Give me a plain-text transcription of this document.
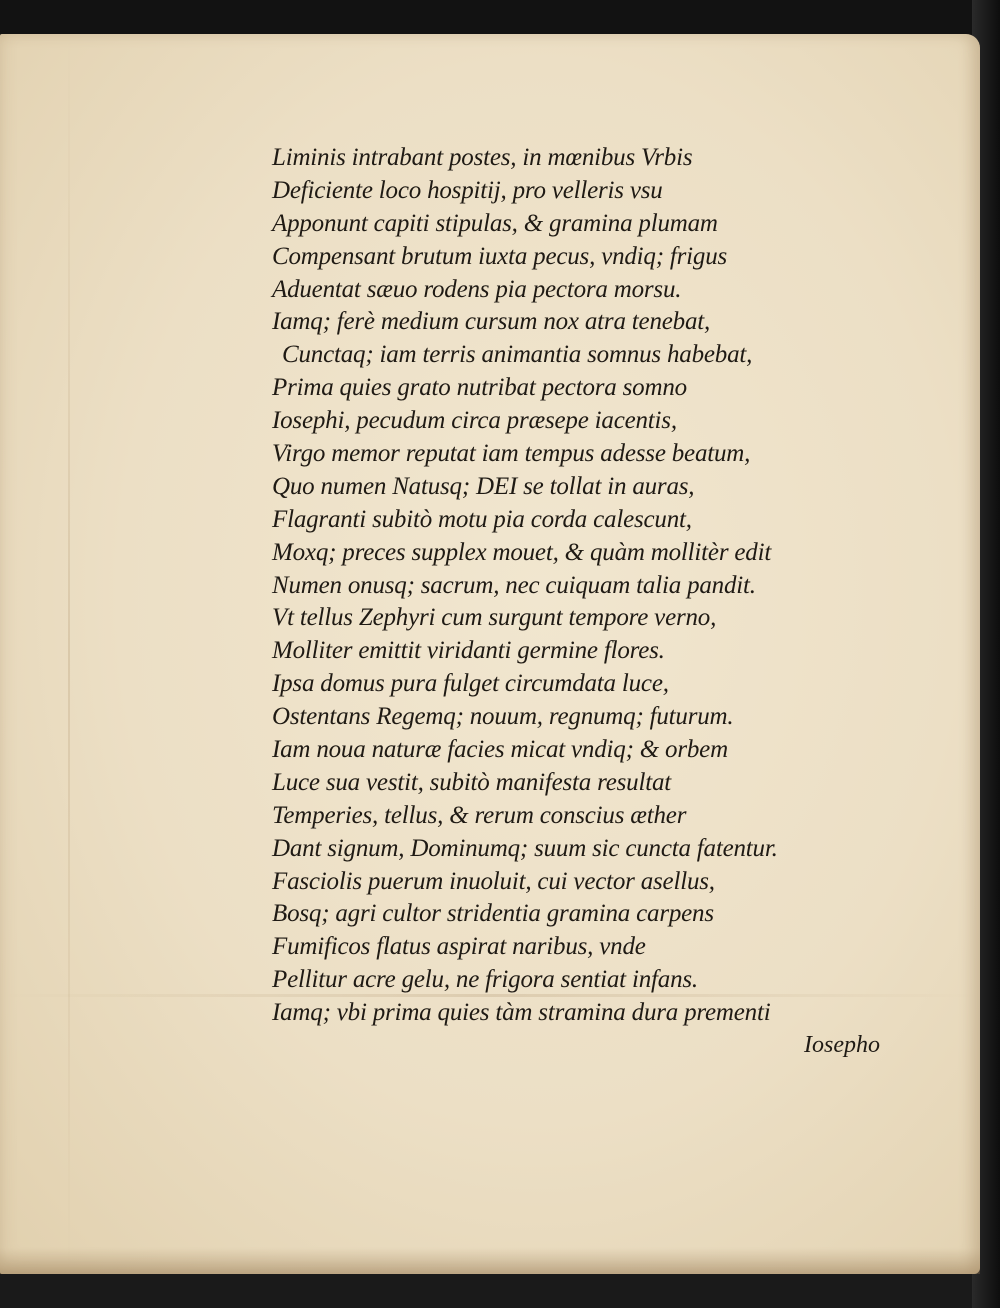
Liminis intrabant postes, in mœnibus Vrbis
Deficiente loco hospitij, pro velleris vsu
Apponunt capiti stipulas, & gramina plumam
Compensant brutum iuxta pecus, vndiq; frigus
Aduentat sæuo rodens pia pectora morsu.
Iamq; ferè medium cursum nox atra tenebat,
Cunctaq; iam terris animantia somnus habebat,
Prima quies grato nutribat pectora somno
Iosephi, pecudum circa præsepe iacentis,
Virgo memor reputat iam tempus adesse beatum,
Quo numen Natusq; DEI se tollat in auras,
Flagranti subitò motu pia corda calescunt,
Moxq; preces supplex mouet, & quàm mollitèr edit
Numen onusq; sacrum, nec cuiquam talia pandit.
Vt tellus Zephyri cum surgunt tempore verno,
Molliter emittit viridanti germine flores.
Ipsa domus pura fulget circumdata luce,
Ostentans Regemq; nouum, regnumq; futurum.
Iam noua naturæ facies micat vndiq; & orbem
Luce sua vestit, subitò manifesta resultat
Temperies, tellus, & rerum conscius æther
Dant signum, Dominumq; suum sic cuncta fatentur.
Fasciolis puerum inuoluit, cui vector asellus,
Bosq; agri cultor stridentia gramina carpens
Fumificos flatus aspirat naribus, vnde
Pellitur acre gelu, ne frigora sentiat infans.
Iamq; vbi prima quies tàm stramina dura prementi
Iosepho
